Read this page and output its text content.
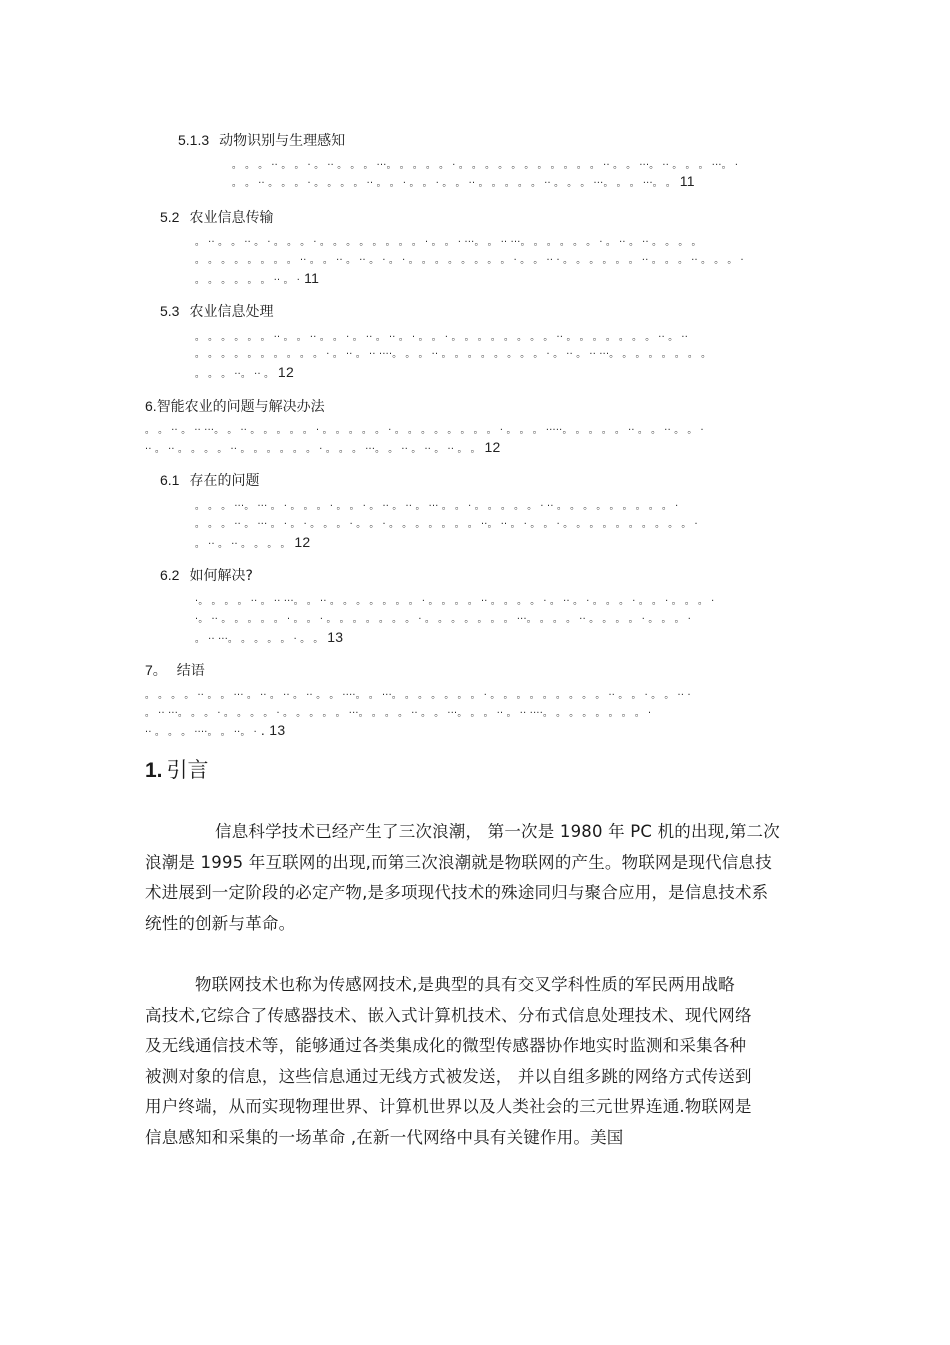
5.1.3 动物识别与生理感知
。 。 。 ·· 。 。 · 。 ·· 。 。 。 ···。 。 。 。 。 · 。 。 。 。 。 。 。 。 。 。 。 ·· 。 。 ···。 ·· 。 。 。 ···。 ·
。 。 ·· 。 。 。 · 。 。 。 。 ·· 。 。 · 。 。 · 。 。 ·· 。 。 。 。 。 ·· 。 。 。 ···。 。 。 ···。 。 11
5.2 农业信息传输
。 ·· 。 。 ·· 。 · 。 。 。 · 。 。 。 。 。 。 。 。 · 。 。 · ···。 。 ·· ···。 。 。 。 。 。 · 。 ·· 。 ·· 。 。 。 。
。 。 。 。 。 。 。 。 ·· 。 。 ·· 。 ·· 。 · 。 · 。 。 。 。 。 。 。 。 · 。 。 ·· · 。 。 。 。 。 。 ·· 。 。 。 ·· 。 。 。 ·
。 。 。 。 。 。 ·· 。 · 11
5.3 农业信息处理
。 。 。 。 。 。 ·· 。 。 ·· 。 。 · 。 ·· 。 ·· 。 · 。 。 · 。 。 。 。 。 。 。 。 ·· 。 。 。 。 。 。 。 ·· 。 ··
。 。 。 。 。 。 。 。 。 。 · 。 ·· 。 ·· ····。 。 。 ·· 。 。 。 。 。 。 。 。 · 。 ·· 。 ·· ···。 。 。 。 。 。 。 。
。 。 。 ··。 ·· 。 12
6.智能农业的问题与解决办法
。 。 ·· 。 ·· ···。 。 ·· 。 。 。 。 。 · 。 。 。 。 。 · 。 。 。 。 。 。 。 。 · 。 。 。 ·····。 。 。 。 。 ·· 。 。 ·· 。 。 ·
·· 。 ·· 。 。 。 。 ·· 。 。 。 。 。 。 · 。 。 。 ···。 。 ·· 。 ·· 。 ·· 。 。 12
6.1 存在的问题
。 。 。 ···。 ··· 。 · 。 。 。 · 。 。 · 。 ·· 。 ·· 。 ··· 。 。 · 。 。 。 。 。 · ·· 。 。 。 。 。 。 。 。 。 ·
。 。 。 ·· 。 ··· 。 · 。 · 。 。 。 · 。 。 · 。 。 。 。 。 。 。 ··。 ·· 。 · 。 。 · 。 。 。 。 。 。 。 。 。 。 ·
。 ·· 。 ·· 。 。 。 。 12
6.2 如何解决?
·。 。 。 。 ·· 。 ·· ···。 。 ·· 。 。 。 。 。 。 。 · 。 。 。 。 ·· 。 。 。 。 · 。 ·· 。 · 。 。 。 · 。 。 · 。 。 。 ·
·。 ·· 。 。 。 。 。 · 。 。 · 。 。 。 。 。 。 。 · 。 。 。 。 。 。 。 ···。 。 。 。 ·· 。 。 。 。 · 。 。 。 ·
。 ·· ···。 。 。 。 。 · 。 。 13
7。 结语
。 。 。 。 ·· 。 。 ··· 。 ·· 。 ·· 。 ·· 。 。 ····。 。 ···。 。 。 。 。 。 。 · 。 。 。 。 。 。 。 。 。 ·· 。 。 · 。 。 ·· ·
。 ·· ···。 。 。 · 。 。 。 。 · 。 。 。 。 。 ···。 。 。 。 ·· 。 。 ···。 。 。 ·· 。 ·· ····。 。 。 。 。 。 。 。 ·
·· 。 。 。 ····。 。 ··。 · . 13
1. 引言
信息科学技术已经产生了三次浪潮， 第一次是 1980 年 PC 机的出现,第二次
浪潮是 1995 年互联网的出现,而第三次浪潮就是物联网的产生。物联网是现代信息技
术进展到一定阶段的必定产物,是多项现代技术的殊途同归与聚合应用，是信息技术系
统性的创新与革命。
物联网技术也称为传感网技术,是典型的具有交叉学科性质的军民两用战略
高技术,它综合了传感器技术、嵌入式计算机技术、分布式信息处理技术、现代网络
及无线通信技术等，能够通过各类集成化的微型传感器协作地实时监测和采集各种
被测对象的信息，这些信息通过无线方式被发送， 并以自组多跳的网络方式传送到
用户终端，从而实现物理世界、计算机世界以及人类社会的三元世界连通.物联网是
信息感知和采集的一场革命 ,在新一代网络中具有关键作用。美国
